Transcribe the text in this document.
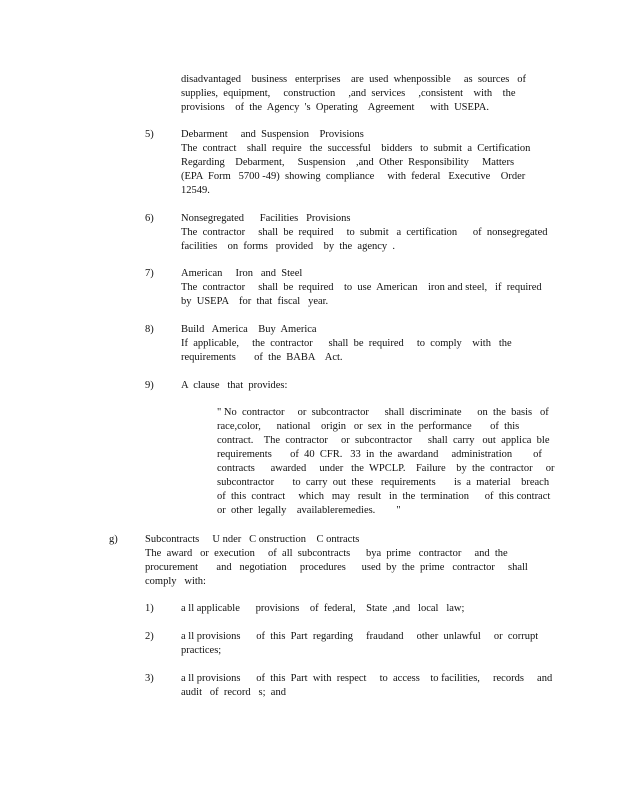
disadvantaged    business   enterprises    are  used  whenpossible     as  sources   of
supplies,  equipment,     construction     ,and  services     ,consistent    with    the
provisions    of  the  Agency  's  Operating    Agreement      with  USEPA.
5)	Debarment     and  Suspension    Provisions
The  contract    shall  require   the  successful    bidders   to  submit  a  Certification
Regarding    Debarment,     Suspension    ,and  Other  Responsibility     Matters
(EPA  Form   5700 -49)  showing  compliance     with  federal   Executive    Order
12549.
6)	Nonsegregated      Facilities   Provisions
The  contractor     shall  be  required     to  submit   a  certification      of  nonsegregated
facilities    on  forms   provided    by  the  agency  .
7)	American     Iron   and  Steel
The  contractor     shall  be  required    to  use  American    iron and steel,   if  required
by  USEPA    for  that  fiscal   year.
8)	Build   America    Buy  America
If  applicable,     the  contractor      shall  be  required     to  comply    with   the
requirements       of  the  BABA    Act.
9)	A  clause   that  provides:
" No  contractor     or  subcontractor      shall  discriminate      on  the  basis   of
race,color,      national    origin   or  sex  in  the  performance       of  this
contract.    The  contractor     or  subcontractor      shall  carry   out  applica  ble
requirements       of  40  CFR.   33  in  the  awardand     administration        of
contracts      awarded     under   the  WPCLP.    Failure    by  the  contractor     or
subcontractor       to  carry  out  these   requirements       is  a  material    breach
of  this  contract     which   may   result   in  the  termination      of  this contract
or  other  legally    availableremedies.        "
g)	Subcontracts     U nder   C onstruction    C ontracts
The  award   or  execution     of  all  subcontracts      bya  prime   contractor     and  the
procurement       and   negotiation     procedures      used  by  the  prime   contractor     shall
comply   with:
1)	a ll applicable      provisions    of  federal,    State  ,and   local   law;
2)	a ll provisions      of  this  Part  regarding     fraudand     other  unlawful     or  corrupt
practices;
3)	a ll provisions      of  this  Part  with  respect     to  access    to facilities,     records     and
audit   of  record   s;  and
